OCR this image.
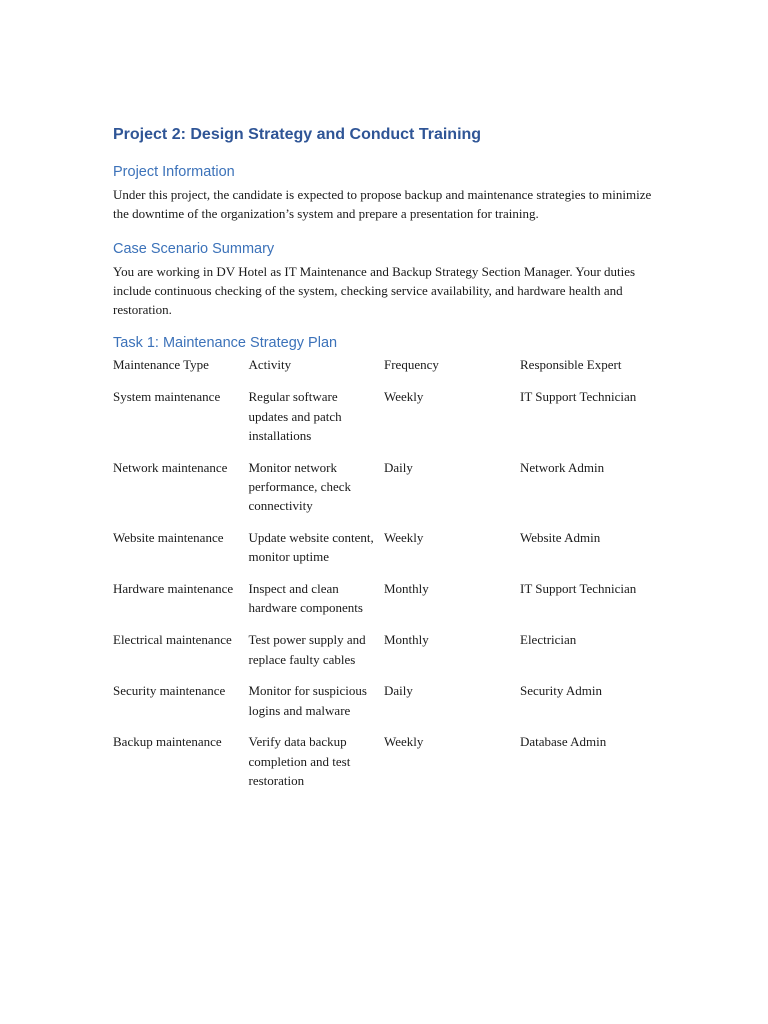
Project 2: Design Strategy and Conduct Training
Project Information

Under this project, the candidate is expected to propose backup and maintenance strategies to minimize the downtime of the organization’s system and prepare a presentation for training.

Case Scenario Summary

You are working in DV Hotel as IT Maintenance and Backup Strategy Section Manager. Your duties include continuous checking of the system, checking service availability, and hardware health and restoration.

Task 1: Maintenance Strategy Plan
Maintenance Type	Activity	Frequency	Responsible Expert

System maintenance	Regular software updates and patch installations	Weekly	IT Support Technician

Network maintenance	Monitor network performance, check connectivity	Daily	Network Admin

Website maintenance	Update website content, monitor uptime	Weekly	Website Admin

Hardware maintenance	Inspect and clean hardware components	Monthly	IT Support Technician

Electrical maintenance	Test power supply and replace faulty cables	Monthly	Electrician

Security maintenance	Monitor for suspicious logins and malware	Daily	Security Admin

Backup maintenance	Verify data backup completion and test restoration	Weekly	Database Admin
